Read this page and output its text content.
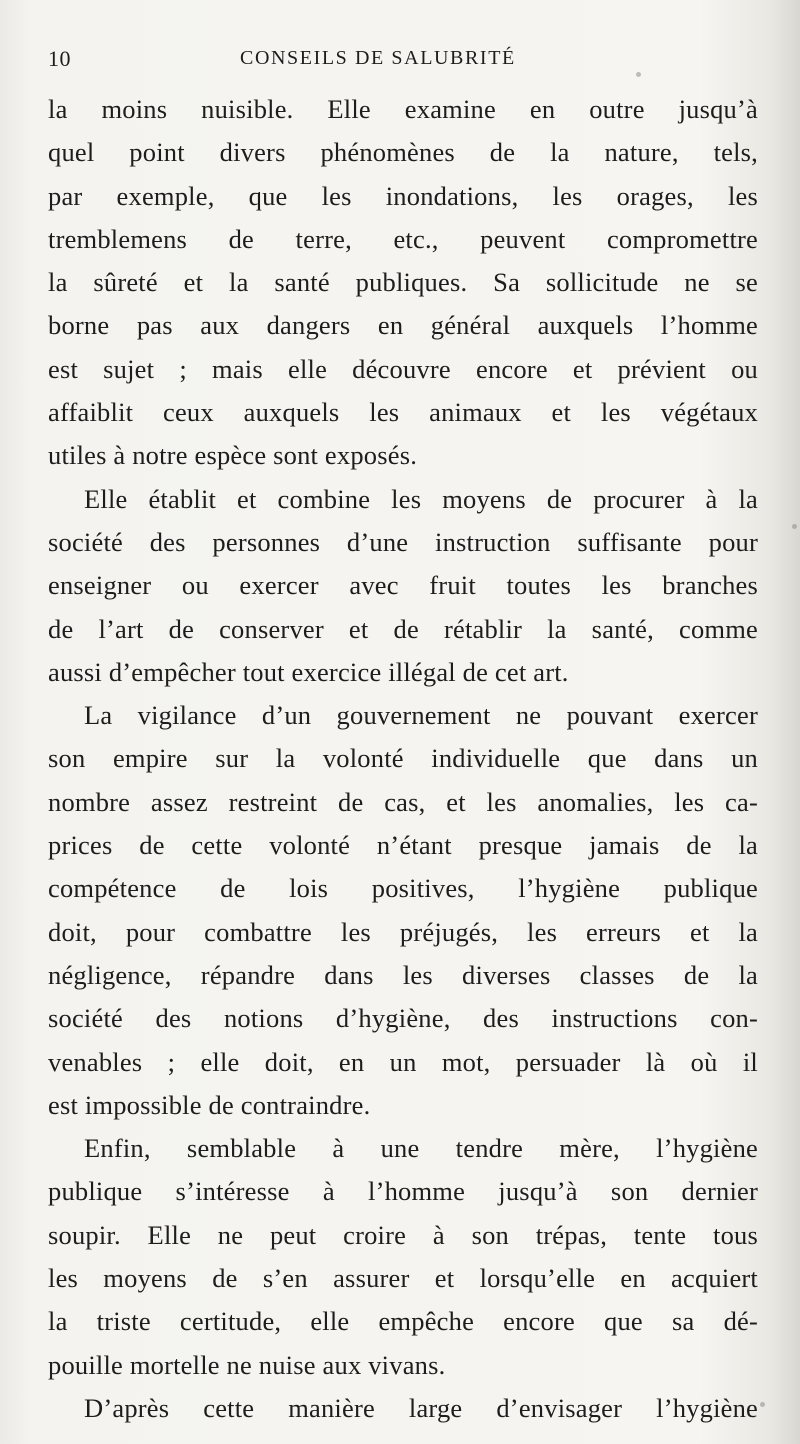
10	CONSEILS DE SALUBRITÉ
la moins nuisible. Elle examine en outre jusqu’à
quel point divers phénomènes de la nature, tels,
par exemple, que les inondations, les orages, les
tremblemens de terre, etc., peuvent compromettre
la sûreté et la santé publiques. Sa sollicitude ne se
borne pas aux dangers en général auxquels l’homme
est sujet ; mais elle découvre encore et prévient ou
affaiblit ceux auxquels les animaux et les végétaux
utiles à notre espèce sont exposés.
Elle établit et combine les moyens de procurer à la
société des personnes d’une instruction suffisante pour
enseigner ou exercer avec fruit toutes les branches
de l’art de conserver et de rétablir la santé, comme
aussi d’empêcher tout exercice illégal de cet art.
La vigilance d’un gouvernement ne pouvant exercer
son empire sur la volonté individuelle que dans un
nombre assez restreint de cas, et les anomalies, les ca-
prices de cette volonté n’étant presque jamais de la
compétence de lois positives, l’hygiène publique
doit, pour combattre les préjugés, les erreurs et la
négligence, répandre dans les diverses classes de la
société des notions d’hygiène, des instructions con-
venables ; elle doit, en un mot, persuader là où il
est impossible de contraindre.
Enfin, semblable à une tendre mère, l’hygiène
publique s’intéresse à l’homme jusqu’à son dernier
soupir. Elle ne peut croire à son trépas, tente tous
les moyens de s’en assurer et lorsqu’elle en acquiert
la triste certitude, elle empêche encore que sa dé-
pouille mortelle ne nuise aux vivans.
D’après cette manière large d’envisager l’hygiène
